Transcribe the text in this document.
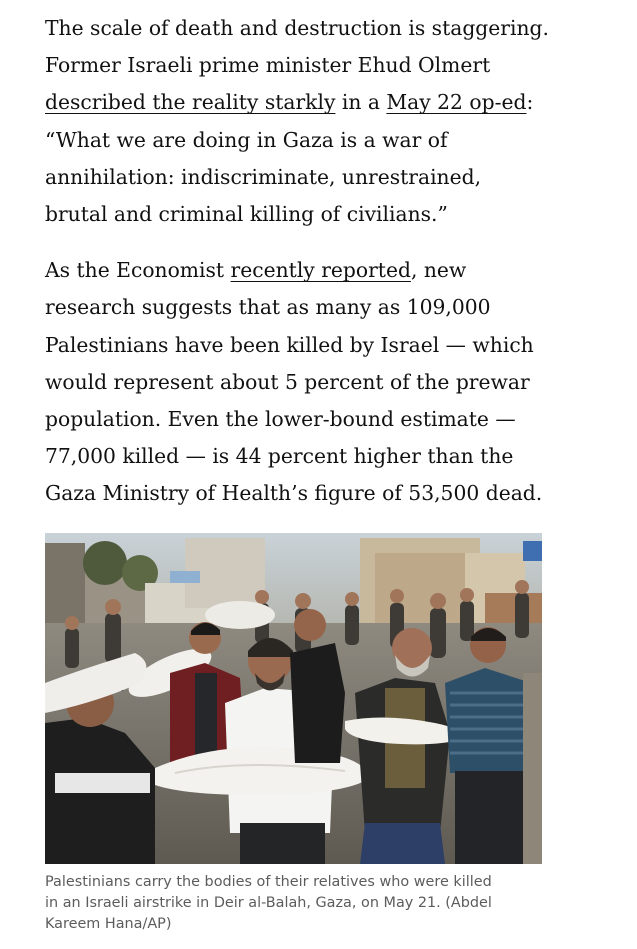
The scale of death and destruction is staggering.
Former Israeli prime minister Ehud Olmert
described the reality starkly in a May 22 op-ed:
“What we are doing in Gaza is a war of
annihilation: indiscriminate, unrestrained,
brutal and criminal killing of civilians.”

As the Economist recently reported, new
research suggests that as many as 109,000
Palestinians have been killed by Israel — which
would represent about 5 percent of the prewar
population. Even the lower-bound estimate —
77,000 killed — is 44 percent higher than the
Gaza Ministry of Health’s figure of 53,500 dead.

Palestinians carry the bodies of their relatives who were killed
in an Israeli airstrike in Deir al-Balah, Gaza, on May 21. (Abdel
Kareem Hana/AP)
